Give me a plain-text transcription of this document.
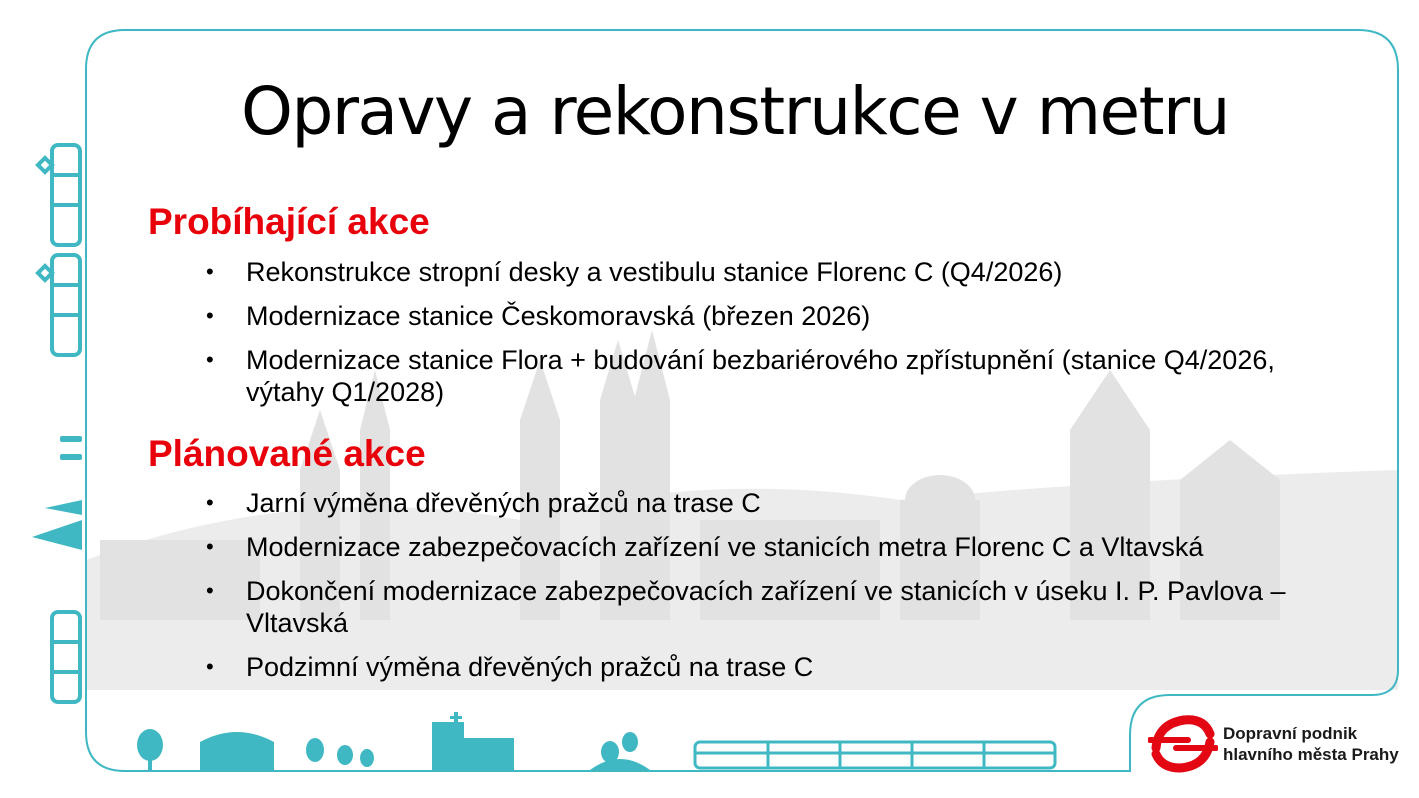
Opravy a rekonstrukce v metru
Probíhající akce
• Rekonstrukce stropní desky a vestibulu stanice Florenc C (Q4/2026)
• Modernizace stanice Českomoravská (březen 2026)
• Modernizace stanice Flora + budování bezbariérového zpřístupnění (stanice Q4/2026, výtahy Q1/2028)
Plánované akce
• Jarní výměna dřevěných pražců na trase C
• Modernizace zabezpečovacích zařízení ve stanicích metra Florenc C a Vltavská
• Dokončení modernizace zabezpečovacích zařízení ve stanicích v úseku I. P. Pavlova – Vltavská
• Podzimní výměna dřevěných pražců na trase C
Dopravní podnik
hlavního města Prahy
